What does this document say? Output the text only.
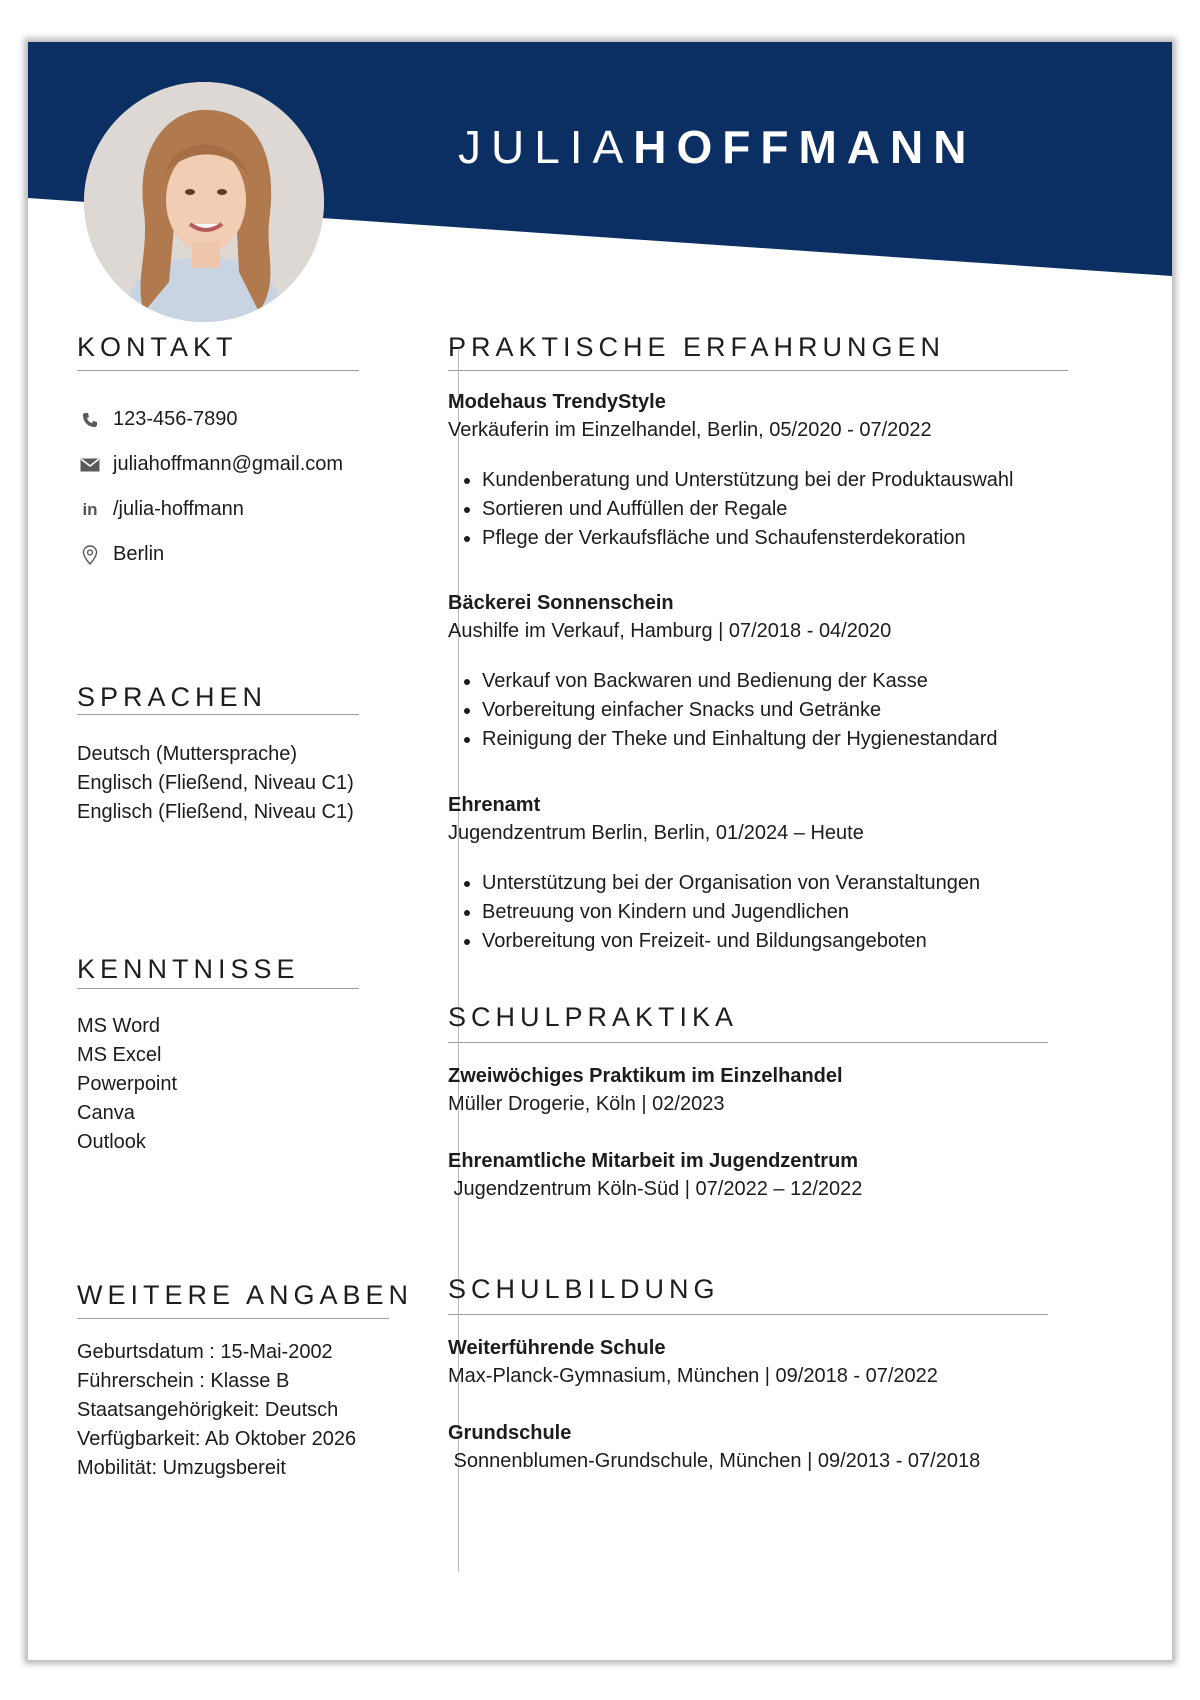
JULIAHOFFMANN
KONTAKT
123-456-7890
juliahoffmann@gmail.com
in /julia-hoffmann
Berlin
SPRACHEN
Deutsch (Muttersprache)
Englisch (Fließend, Niveau C1)
Englisch (Fließend, Niveau C1)
KENNTNISSE
MS Word
MS Excel
Powerpoint
Canva
Outlook
WEITERE ANGABEN
Geburtsdatum : 15-Mai-2002
Führerschein : Klasse B
Staatsangehörigkeit: Deutsch
Verfügbarkeit: Ab Oktober 2026
Mobilität: Umzugsbereit
PRAKTISCHE ERFAHRUNGEN
Modehaus TrendyStyle
Verkäuferin im Einzelhandel, Berlin, 05/2020 - 07/2022
• Kundenberatung und Unterstützung bei der Produktauswahl
• Sortieren und Auffüllen der Regale
• Pflege der Verkaufsfläche und Schaufensterdekoration
Bäckerei Sonnenschein
Aushilfe im Verkauf, Hamburg | 07/2018 - 04/2020
• Verkauf von Backwaren und Bedienung der Kasse
• Vorbereitung einfacher Snacks und Getränke
• Reinigung der Theke und Einhaltung der Hygienestandard
Ehrenamt
Jugendzentrum Berlin, Berlin, 01/2024 – Heute
• Unterstützung bei der Organisation von Veranstaltungen
• Betreuung von Kindern und Jugendlichen
• Vorbereitung von Freizeit- und Bildungsangeboten
SCHULPRAKTIKA
Zweiwöchiges Praktikum im Einzelhandel
Müller Drogerie, Köln | 02/2023
Ehrenamtliche Mitarbeit im Jugendzentrum
Jugendzentrum Köln-Süd | 07/2022 – 12/2022
SCHULBILDUNG
Weiterführende Schule
Max-Planck-Gymnasium, München | 09/2018 - 07/2022
Grundschule
Sonnenblumen-Grundschule, München | 09/2013 - 07/2018
